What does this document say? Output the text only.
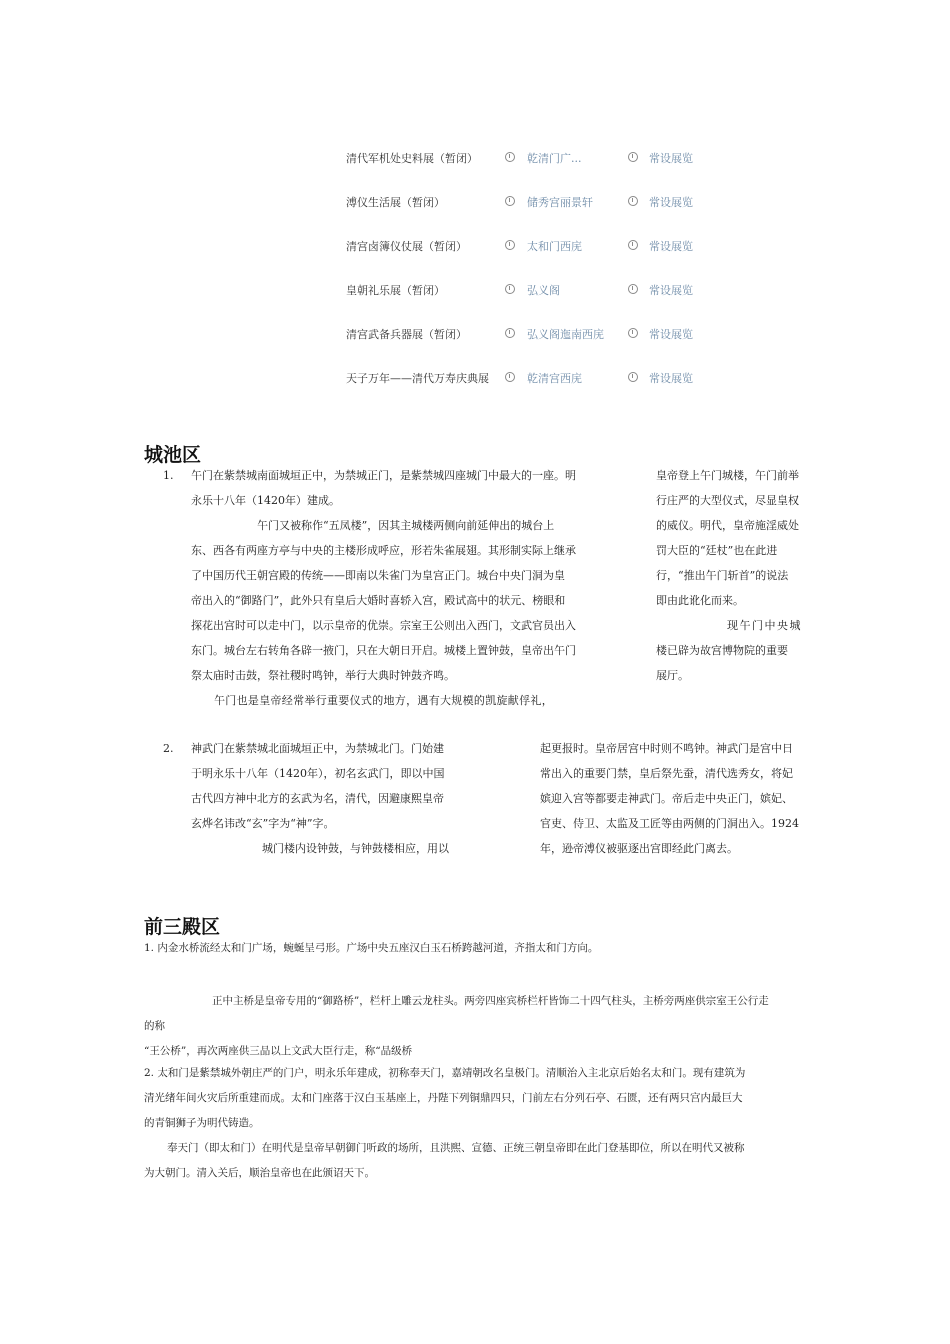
清代军机处史料展（暂闭）	乾清门广...	常设展览
溥仪生活展（暂闭）	储秀宫丽景轩	常设展览
清宫卤簿仪仗展（暂闭）	太和门西庑	常设展览
皇朝礼乐展（暂闭）	弘义阁	常设展览
清宫武备兵器展（暂闭）	弘义阁迤南西庑	常设展览
天子万年——清代万寿庆典展	乾清宫西庑	常设展览
城池区
1. 午门在紫禁城南面城垣正中，为禁城正门，是紫禁城四座城门中最大的一座。明
永乐十八年（1420年）建成。
午门又被称作“五凤楼”，因其主城楼两侧向前延伸出的城台上
东、西各有两座方亭与中央的主楼形成呼应，形若朱雀展翅。其形制实际上继承
了中国历代王朝宫殿的传统——即南以朱雀门为皇宫正门。城台中央门洞为皇
帝出入的“御路门”，此外只有皇后大婚时喜轿入宫，殿试高中的状元、榜眼和
探花出宫时可以走中门，以示皇帝的优崇。宗室王公则出入西门，文武官员出入
东门。城台左右转角各辟一掖门，只在大朝日开启。城楼上置钟鼓，皇帝出午门
祭太庙时击鼓，祭社稷时鸣钟，举行大典时钟鼓齐鸣。
午门也是皇帝经常举行重要仪式的地方，遇有大规模的凯旋献俘礼，
皇帝登上午门城楼，午门前举
行庄严的大型仪式，尽显皇权
的威仪。明代，皇帝施淫威处
罚大臣的“廷杖”也在此进
行，“推出午门斩首”的说法
即由此讹化而来。
现午门中央城
楼已辟为故宫博物院的重要
展厅。
2. 神武门在紫禁城北面城垣正中，为禁城北门。门始建
于明永乐十八年（1420年），初名玄武门，即以中国
古代四方神中北方的玄武为名，清代，因避康熙皇帝
玄烨名讳改“玄”字为“神”字。
城门楼内设钟鼓，与钟鼓楼相应，用以
起更报时。皇帝居宫中时则不鸣钟。神武门是宫中日
常出入的重要门禁，皇后祭先蚕，清代选秀女，将妃
嫔迎入宫等都要走神武门。帝后走中央正门，嫔妃、
官吏、侍卫、太监及工匠等由两侧的门洞出入。1924
年，逊帝溥仪被驱逐出宫即经此门离去。
前三殿区
1. 内金水桥流经太和门广场，蜿蜒呈弓形。广场中央五座汉白玉石桥跨越河道，齐指太和门方向。
正中主桥是皇帝专用的“御路桥”，栏杆上雕云龙柱头。两旁四座宾桥栏杆皆饰二十四气柱头，主桥旁两座供宗室王公行走
的称
“王公桥”，再次两座供三品以上文武大臣行走，称“品级桥
2. 太和门是紫禁城外朝庄严的门户，明永乐年建成，初称奉天门，嘉靖朝改名皇极门。清顺治入主北京后始名太和门。现有建筑为
清光绪年间火灾后所重建而成。太和门座落于汉白玉基座上，丹陛下列铜鼎四只，门前左右分列石亭、石匮，还有两只宫内最巨大
的青铜狮子为明代铸造。
奉天门（即太和门）在明代是皇帝早朝御门听政的场所，且洪熙、宣德、正统三朝皇帝即在此门登基即位，所以在明代又被称
为大朝门。清入关后，顺治皇帝也在此颁诏天下。
